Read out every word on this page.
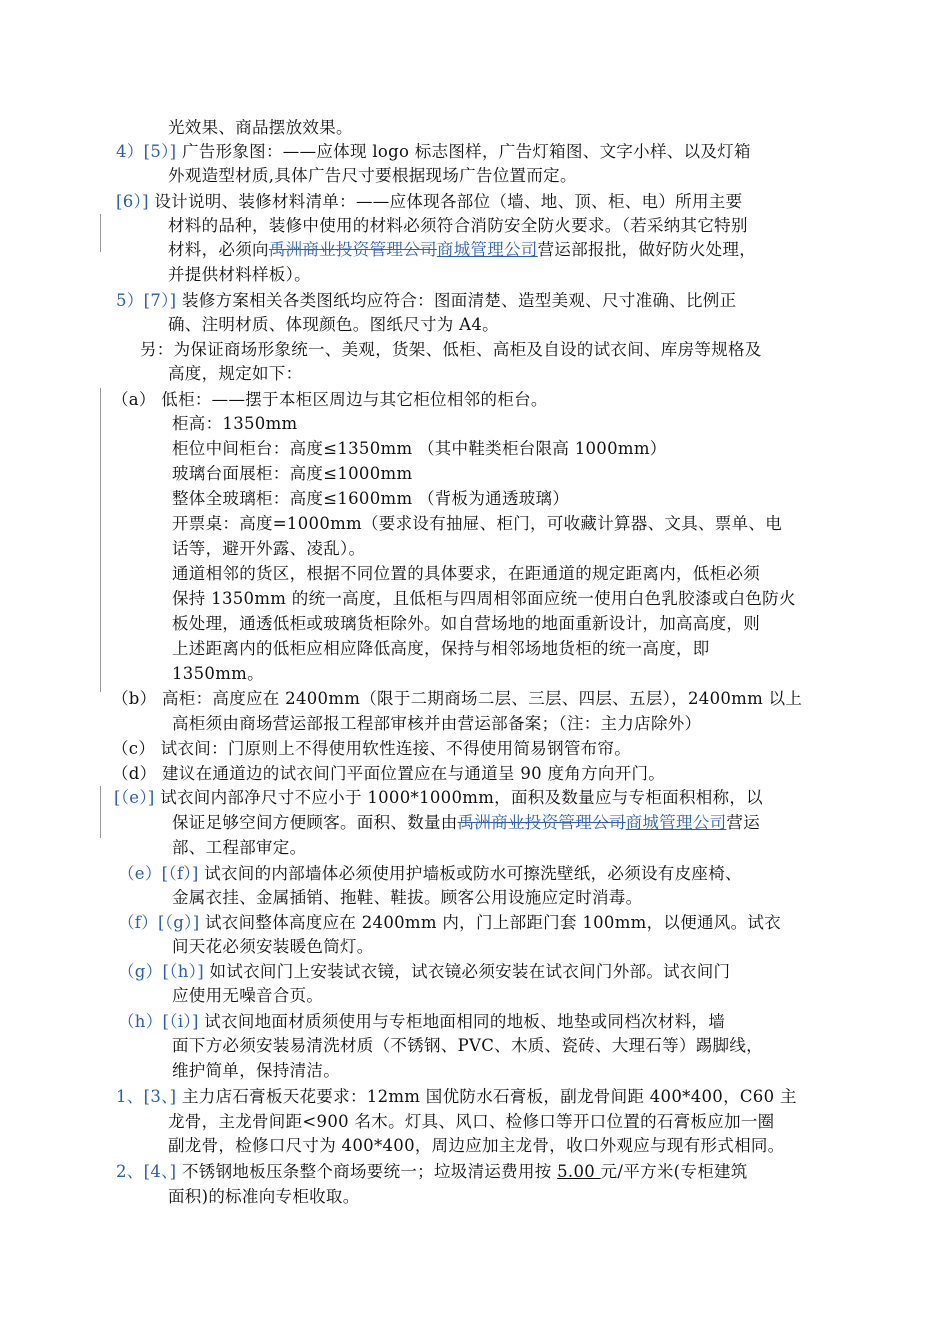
光效果、商品摆放效果。
4）[5）] 广告形象图：——应体现 logo 标志图样，广告灯箱图、文字小样、以及灯箱
外观造型材质,具体广告尺寸要根据现场广告位置而定。
[6）] 设计说明、装修材料清单：——应体现各部位（墙、地、顶、柜、电）所用主要
材料的品种，装修中使用的材料必须符合消防安全防火要求。（若采纳其它特别
材料，必须向禹洲商业投资管理公司商城管理公司营运部报批，做好防火处理，
并提供材料样板）。
5）[7）] 装修方案相关各类图纸均应符合：图面清楚、造型美观、尺寸准确、比例正
确、注明材质、体现颜色。图纸尺寸为 A4。
另：为保证商场形象统一、美观，货架、低柜、高柜及自设的试衣间、库房等规格及
高度，规定如下：
（a） 低柜：——摆于本柜区周边与其它柜位相邻的柜台。
柜高：1350mm
柜位中间柜台：高度≤1350mm （其中鞋类柜台限高 1000mm）
玻璃台面展柜：高度≤1000mm
整体全玻璃柜：高度≤1600mm （背板为通透玻璃）
开票桌：高度=1000mm（要求设有抽屉、柜门，可收藏计算器、文具、票单、电
话等，避开外露、凌乱）。
通道相邻的货区，根据不同位置的具体要求，在距通道的规定距离内，低柜必须
保持 1350mm 的统一高度，且低柜与四周相邻面应统一使用白色乳胶漆或白色防火
板处理，通透低柜或玻璃货柜除外。如自营场地的地面重新设计，加高高度，则
上述距离内的低柜应相应降低高度，保持与相邻场地货柜的统一高度，即
1350mm。
（b） 高柜：高度应在 2400mm（限于二期商场二层、三层、四层、五层），2400mm 以上
高柜须由商场营运部报工程部审核并由营运部备案；（注：主力店除外）
（c） 试衣间：门原则上不得使用软性连接、不得使用简易钢管布帘。
（d） 建议在通道边的试衣间门平面位置应在与通道呈 90 度角方向开门。
[（e）] 试衣间内部净尺寸不应小于 1000*1000mm，面积及数量应与专柜面积相称，以
保证足够空间方便顾客。面积、数量由禹洲商业投资管理公司商城管理公司营运
部、工程部审定。
（e）[（f）] 试衣间的内部墙体必须使用护墙板或防水可擦洗壁纸，必须设有皮座椅、
金属衣挂、金属插销、拖鞋、鞋拔。顾客公用设施应定时消毒。
（f）[（g）] 试衣间整体高度应在 2400mm 内，门上部距门套 100mm，以便通风。试衣
间天花必须安装暖色筒灯。
（g）[（h）] 如试衣间门上安装试衣镜，试衣镜必须安装在试衣间门外部。试衣间门
应使用无噪音合页。
（h）[（i）] 试衣间地面材质须使用与专柜地面相同的地板、地垫或同档次材料，墙
面下方必须安装易清洗材质（不锈钢、PVC、木质、瓷砖、大理石等）踢脚线，
维护简单，保持清洁。
1、[3、] 主力店石膏板天花要求：12mm 国优防水石膏板，副龙骨间距 400*400，C60 主
龙骨，主龙骨间距<900 名木。灯具、风口、检修口等开口位置的石膏板应加一圈
副龙骨，检修口尺寸为 400*400，周边应加主龙骨，收口外观应与现有形式相同。
2、[4、] 不锈钢地板压条整个商场要统一；垃圾清运费用按 5.00 元/平方米(专柜建筑
面积)的标准向专柜收取。
